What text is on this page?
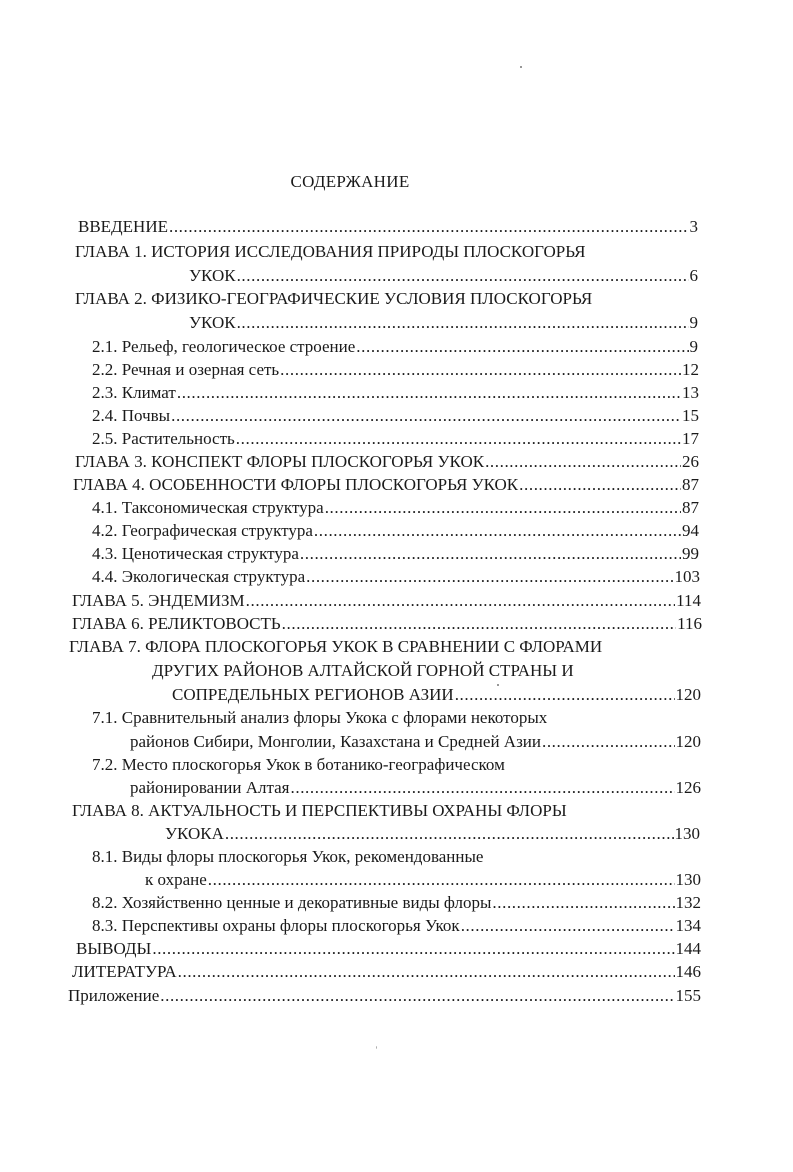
СОДЕРЖАНИЕ
ВВЕДЕНИЕ .....	3
ГЛАВА 1. ИСТОРИЯ ИССЛЕДОВАНИЯ ПРИРОДЫ ПЛОСКОГОРЬЯ
УКОК .....	6
ГЛАВА 2. ФИЗИКО-ГЕОГРАФИЧЕСКИЕ УСЛОВИЯ ПЛОСКОГОРЬЯ
УКОК .....	9
2.1. Рельеф, геологическое строение .....	9
2.2. Речная и озерная сеть .....	12
2.3. Климат .....	13
2.4. Почвы .....	15
2.5. Растительность .....	17
ГЛАВА 3. КОНСПЕКТ ФЛОРЫ ПЛОСКОГОРЬЯ УКОК .....	26
ГЛАВА 4. ОСОБЕННОСТИ ФЛОРЫ ПЛОСКОГОРЬЯ УКОК .....	87
4.1. Таксономическая структура .....	87
4.2. Географическая структура .....	94
4.3. Ценотическая структура .....	99
4.4. Экологическая структура .....	103
ГЛАВА 5. ЭНДЕМИЗМ .....	114
ГЛАВА 6. РЕЛИКТОВОСТЬ .....	116
ГЛАВА 7. ФЛОРА ПЛОСКОГОРЬЯ УКОК В СРАВНЕНИИ С ФЛОРАМИ
ДРУГИХ РАЙОНОВ АЛТАЙСКОЙ ГОРНОЙ СТРАНЫ И
СОПРЕДЕЛЬНЫХ РЕГИОНОВ АЗИИ .....	120
7.1. Сравнительный анализ флоры Укока с флорами некоторых
районов Сибири, Монголии, Казахстана и Средней Азии .....	120
7.2. Место плоскогорья Укок в ботанико-географическом
районировании Алтая .....	126
ГЛАВА 8. АКТУАЛЬНОСТЬ И ПЕРСПЕКТИВЫ ОХРАНЫ ФЛОРЫ
УКОКА .....	130
8.1. Виды флоры плоскогорья Укок, рекомендованные
к охране .....	130
8.2. Хозяйственно ценные и декоративные виды флоры .....	132
8.3. Перспективы охраны флоры плоскогорья Укок .....	134
ВЫВОДЫ .....	144
ЛИТЕРАТУРА .....	146
Приложение .....	155
